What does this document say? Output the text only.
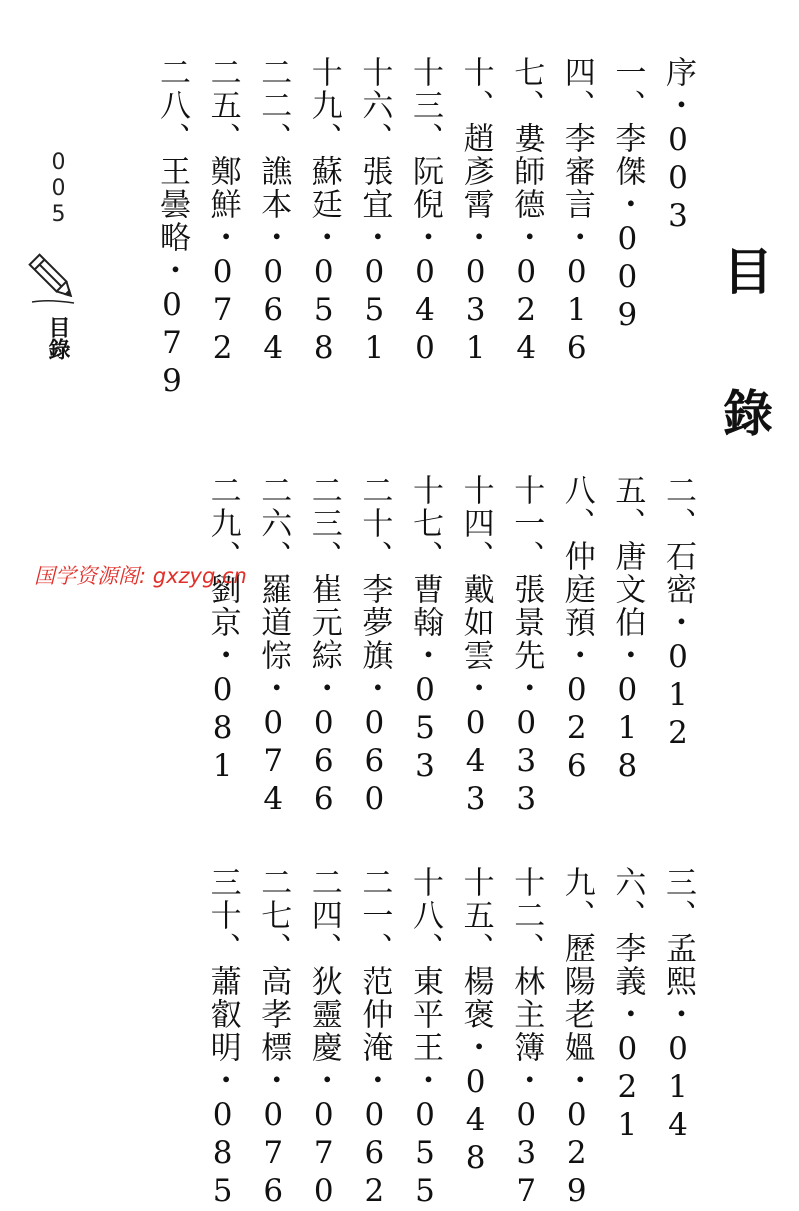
目錄
序・003
一、李傑・009
四、李審言・016
七、婁師德・024
十、趙彥霄・031
十三、阮倪・040
十六、張宜・051
十九、蘇廷・058
二二、譙本・064
二五、鄭鮮・072
二八、王曇略・079
二、石密・012
五、唐文伯・018
八、仲庭預・026
十一、張景先・033
十四、戴如雲・043
十七、曹翰・053
二十、李夢旗・060
二三、崔元綜・066
二六、羅道悰・074
二九、劉京・081
三、孟熙・014
六、李義・021
九、歷陽老媼・029
十二、林主簿・037
十五、楊褒・048
十八、東平王・055
二一、范仲淹・062
二四、狄靈慶・070
二七、高孝標・076
三十、蕭叡明・085
005
目錄
国学资源阁: gxzyg.cn
